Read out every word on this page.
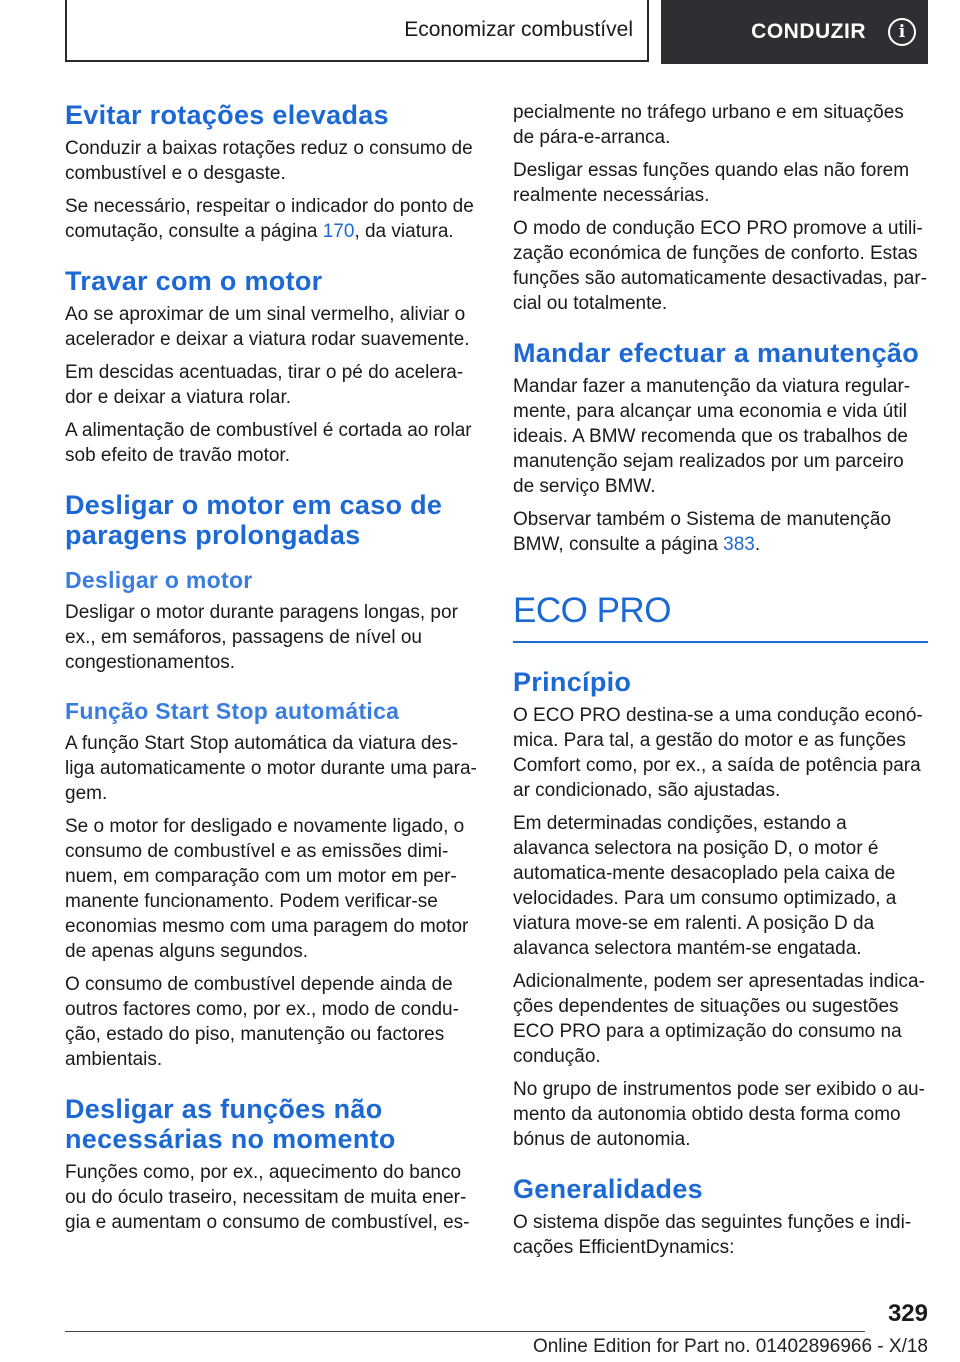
Economizar combustível	CONDUZIR	i
Evitar rotações elevadas

Conduzir a baixas rotações reduz o consumo de combustível e o desgaste.

Se necessário, respeitar o indicador do ponto de comutação, consulte a página 170, da viatura.

Travar com o motor

Ao se aproximar de um sinal vermelho, aliviar o acelerador e deixar a viatura rodar suavemente.

Em descidas acentuadas, tirar o pé do acelera-dor e deixar a viatura rolar.

A alimentação de combustível é cortada ao rolar sob efeito de travão motor.

Desligar o motor em caso de paragens prolongadas
Desligar o motor

Desligar o motor durante paragens longas, por ex., em semáforos, passagens de nível ou congestionamentos.

Função Start Stop automática

A função Start Stop automática da viatura des-liga automaticamente o motor durante uma para-gem.

Se o motor for desligado e novamente ligado, o consumo de combustível e as emissões dimi-nuem, em comparação com um motor em per-manente funcionamento. Podem verificar-se economias mesmo com uma paragem do motor de apenas alguns segundos.

O consumo de combustível depende ainda de outros factores como, por ex., modo de condu-ção, estado do piso, manutenção ou factores ambientais.

Desligar as funções não necessárias no momento

Funções como, por ex., aquecimento do banco ou do óculo traseiro, necessitam de muita ener-gia e aumentam o consumo de combustível, es-

pecialmente no tráfego urbano e em situações de pára-e-arranca.

Desligar essas funções quando elas não forem realmente necessárias.

O modo de condução ECO PRO promove a utili-zação económica de funções de conforto. Estas funções são automaticamente desactivadas, par-cial ou totalmente.

Mandar efectuar a manutenção

Mandar fazer a manutenção da viatura regular-mente, para alcançar uma economia e vida útil ideais. A BMW recomenda que os trabalhos de manutenção sejam realizados por um parceiro de serviço BMW.

Observar também o Sistema de manutenção BMW, consulte a página 383.

ECO PRO
Princípio

O ECO PRO destina-se a uma condução econó-mica. Para tal, a gestão do motor e as funções Comfort como, por ex., a saída de potência para ar condicionado, são ajustadas.

Em determinadas condições, estando a alavanca selectora na posição D, o motor é automatica-mente desacoplado pela caixa de velocidades. Para um consumo optimizado, a viatura move-se em ralenti. A posição D da alavanca selectora mantém-se engatada.

Adicionalmente, podem ser apresentadas indica-ções dependentes de situações ou sugestões ECO PRO para a optimização do consumo na condução.

No grupo de instrumentos pode ser exibido o au-mento da autonomia obtido desta forma como bónus de autonomia.

Generalidades

O sistema dispõe das seguintes funções e indi-cações EfficientDynamics:

329
Online Edition for Part no. 01402896966 - X/18
